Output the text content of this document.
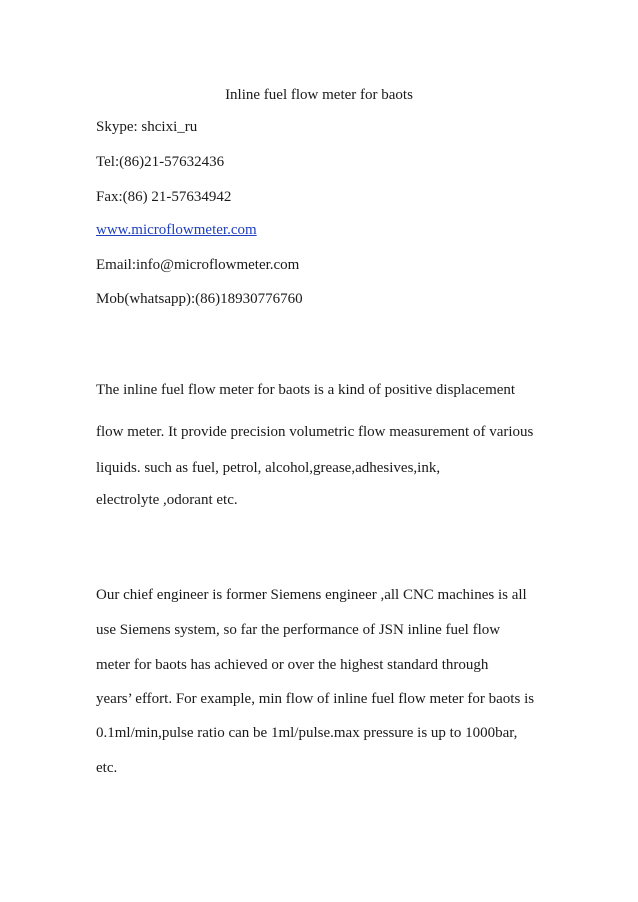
Inline fuel flow meter for baots
Skype: shcixi_ru
Tel:(86)21-57632436
Fax:(86) 21-57634942
www.microflowmeter.com
Email:info@microflowmeter.com
Mob(whatsapp):(86)18930776760
The inline fuel flow meter for baots is a kind of positive displacement
flow meter. It provide precision volumetric flow measurement of various
liquids. such as fuel, petrol, alcohol,grease,adhesives,ink,
electrolyte ,odorant etc.
Our chief engineer is former Siemens engineer ,all CNC machines is all
use Siemens system, so far the performance of JSN inline fuel flow
meter for baots has achieved or over the highest standard through
years’ effort. For example, min flow of inline fuel flow meter for baots is
0.1ml/min,pulse ratio can be 1ml/pulse.max pressure is up to 1000bar,
etc.
